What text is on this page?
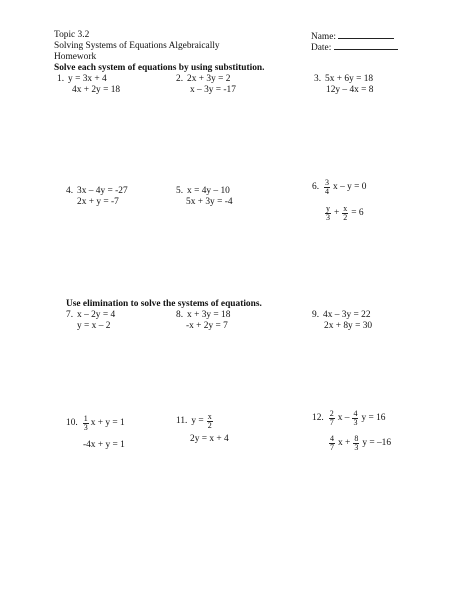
Topic 3.2
Solving Systems of Equations Algebraically
Homework
Name:
Date:
Solve each system of equations by using substitution.
1. y = 3x + 4
4x + 2y = 18
2. 2x + 3y = 2
x – 3y = -17
3. 5x + 6y = 18
12y – 4x = 8
4. 3x – 4y = -27
2x + y = -7
5. x = 4y – 10
5x + 3y = -4
6. $\frac{3}{4}$ x – y = 0
$\frac{y}{3} + \frac{x}{2} = 6$
Use elimination to solve the systems of equations.
7. x – 2y = 4
y = x – 2
8. x + 3y = 18
-x + 2y = 7
9. 4x – 3y = 22
2x + 8y = 30
10. $\frac{1}{3}$ x + y = 1
-4x + y = 1
11. $y = \frac{x}{2}$
2y = x + 4
12. $\frac{2}{7}$ x – $\frac{4}{3}$ y = 16
$\frac{4}{7}$ $x + \frac{8}{3}$ y = –16
